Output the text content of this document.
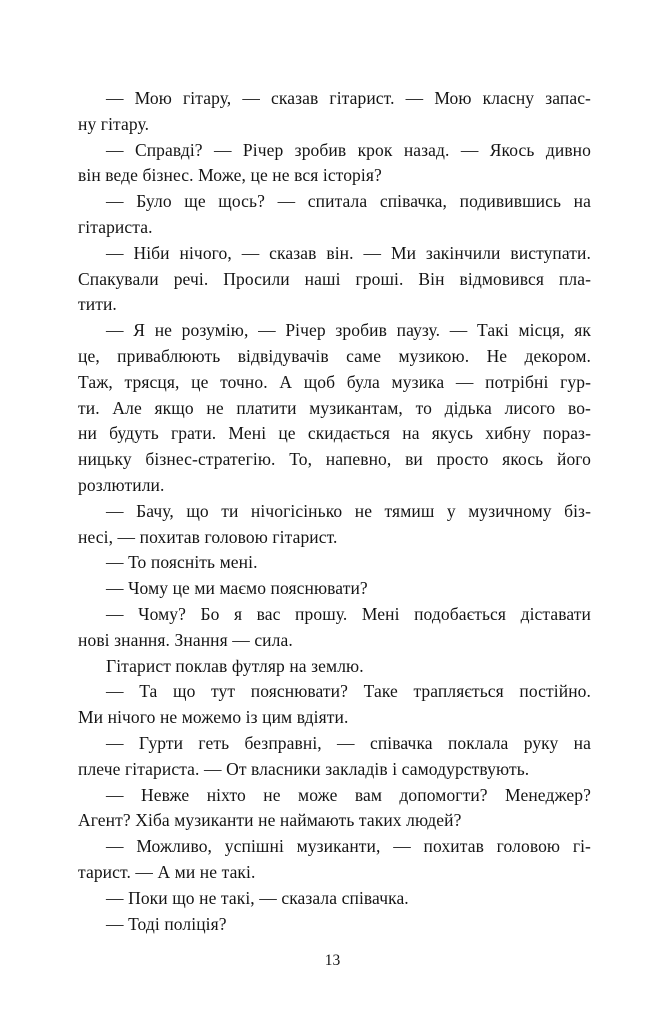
— Мою гітару, — сказав гітарист. — Мою класну запас-
ну гітару.
— Справді? — Річер зробив крок назад. — Якось дивно
він веде бізнес. Може, це не вся історія?
— Було ще щось? — спитала співачка, подивившись на
гітариста.
— Ніби нічого, — сказав він. — Ми закінчили виступати.
Спакували речі. Просили наші гроші. Він відмовився пла-
тити.
— Я не розумію, — Річер зробив паузу. — Такі місця, як
це, приваблюють відвідувачів саме музикою. Не декором.
Таж, трясця, це точно. А щоб була музика — потрібні гур-
ти. Але якщо не платити музикантам, то дідька лисого во-
ни будуть грати. Мені це скидається на якусь хибну пораз-
ницьку бізнес-стратегію. То, напевно, ви просто якось його
розлютили.
— Бачу, що ти нічогісінько не тямиш у музичному біз-
несі, — похитав головою гітарист.
— То поясніть мені.
— Чому це ми маємо пояснювати?
— Чому? Бо я вас прошу. Мені подобається діставати
нові знання. Знання — сила.
Гітарист поклав футляр на землю.
— Та що тут пояснювати? Таке трапляється постійно.
Ми нічого не можемо із цим вдіяти.
— Гурти геть безправні, — співачка поклала руку на
плече гітариста. — От власники закладів і самодурствують.
— Невже ніхто не може вам допомогти? Менеджер?
Агент? Хіба музиканти не наймають таких людей?
— Можливо, успішні музиканти, — похитав головою гі-
тарист. — А ми не такі.
— Поки що не такі, — сказала співачка.
— Тоді поліція?
13
